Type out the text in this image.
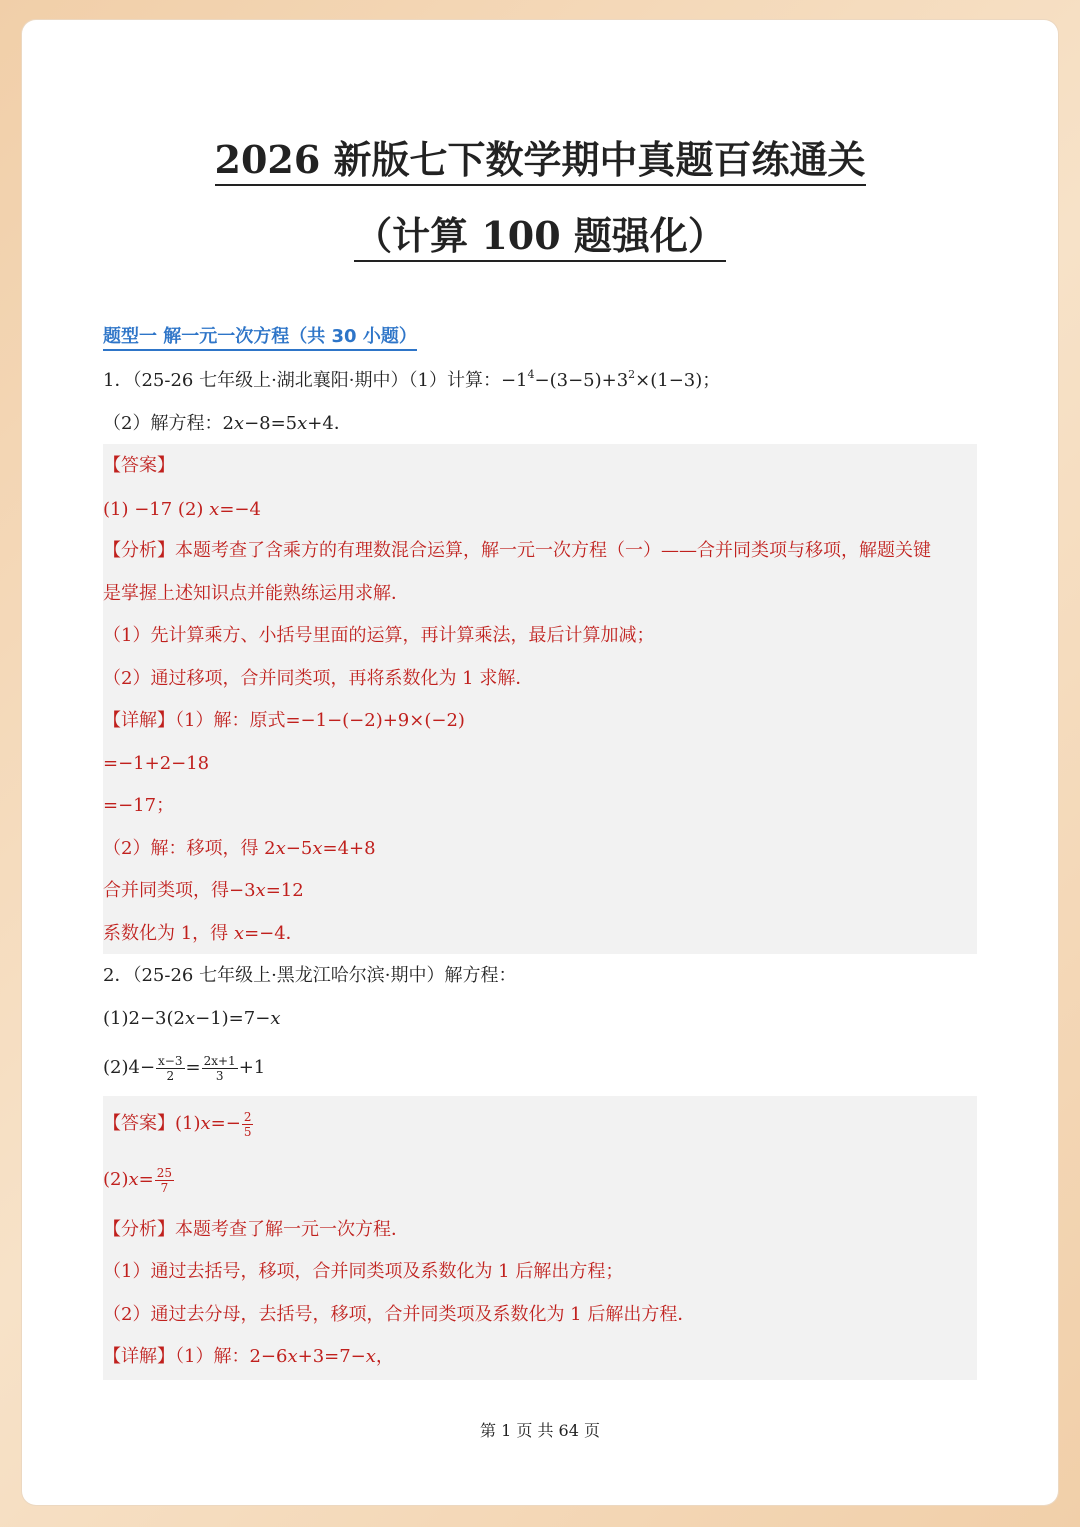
2026 新版七下数学期中真题百练通关
（计算 100 题强化）
题型一 解一元一次方程（共 30 小题）
1．（25-26 七年级上·湖北襄阳·期中）（1）计算：$-1^4-(3-5)+3^2\times(1-3)$；
（2）解方程：2x−8=5x+4．
【答案】
(1) −17 (2) x=−4
【分析】本题考查了含乘方的有理数混合运算，解一元一次方程（一）——合并同类项与移项，解题关键
是掌握上述知识点并能熟练运用求解．
（1）先计算乘方、小括号里面的运算，再计算乘法，最后计算加减；
（2）通过移项，合并同类项，再将系数化为 1 求解．
【详解】（1）解：原式=−1−(−2)+9×(−2)
=−1+2−18
=−17；
（2）解：移项，得 2x−5x=4+8
合并同类项，得−3x=12
系数化为 1，得 x=−4．
2．（25-26 七年级上·黑龙江哈尔滨·期中）解方程：
(1)2−3(2x−1)=7−x
$(2)4- \frac{x-3}{2} = \frac{2x+1}{3} +1$
【答案】$(1)x=- \frac{2}{5}$
$(2)x= \frac{25}{7}$
【分析】本题考查了解一元一次方程．
（1）通过去括号，移项，合并同类项及系数化为 1 后解出方程；
（2）通过去分母，去括号，移项，合并同类项及系数化为 1 后解出方程．
【详解】（1）解：2−6x+3=7−x，
第 1 页 共 64 页
